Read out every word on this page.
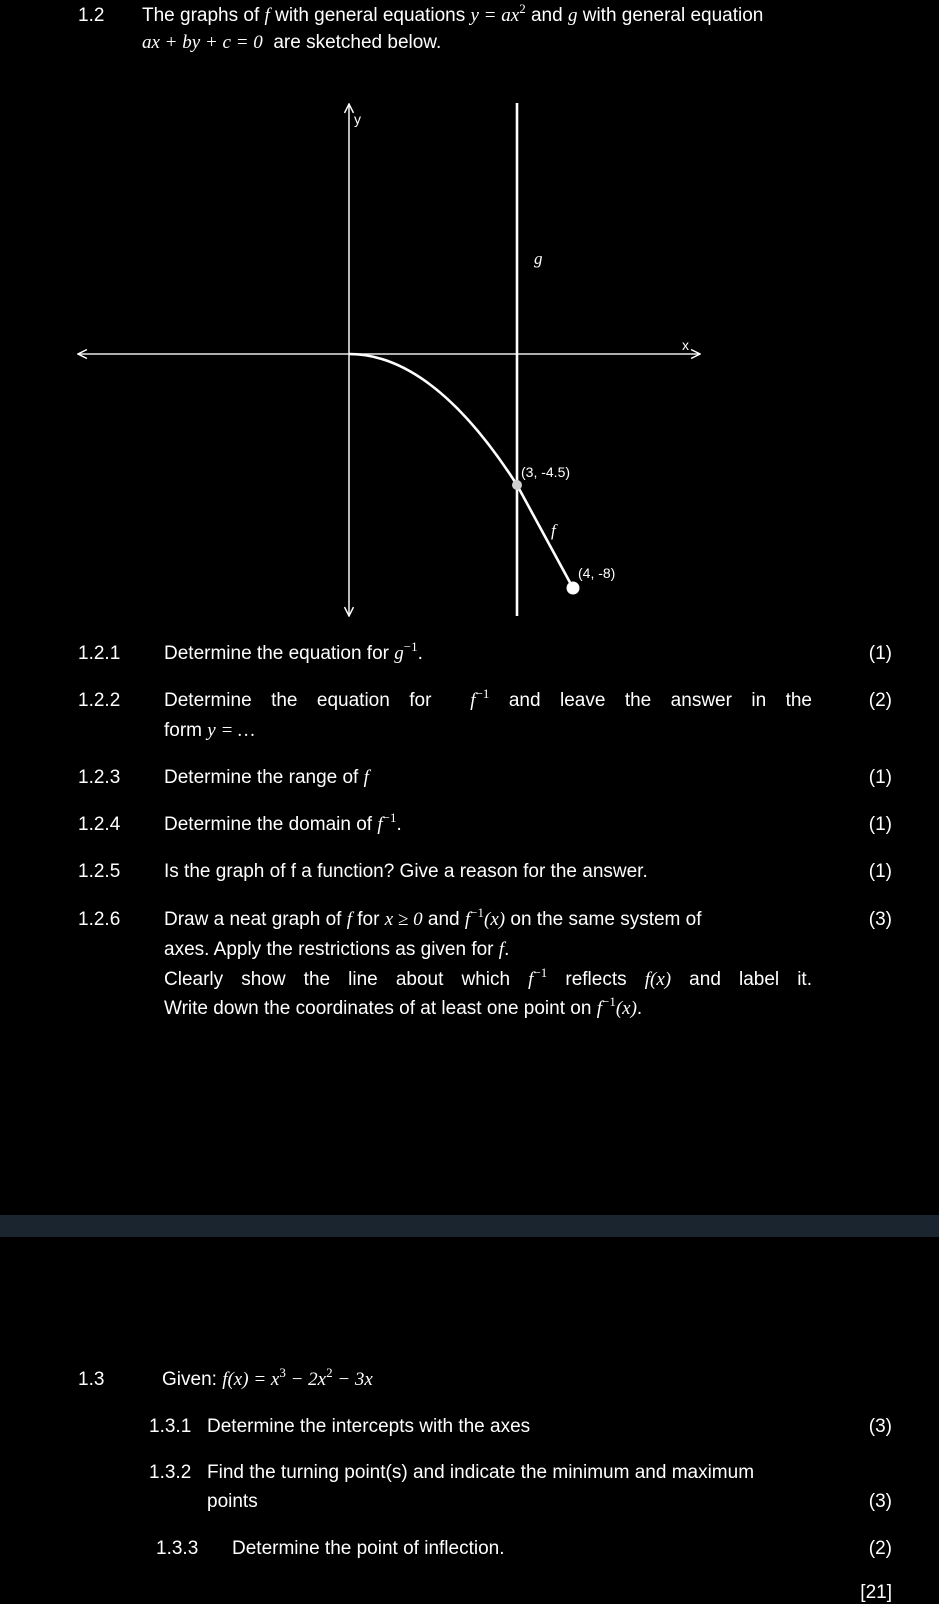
1.2 The graphs of f with general equations $y = ax^2$ and g with general equation
ax + by + c = 0  are sketched below.
y
x
g
f
(3, -4.5)
(4, -8)
1.2.1 Determine the equation for $g^{-1}$.	(1)
1.2.2 Determine the equation for  $f^{-1}$ and leave the answer in the
form y = …
(2)
1.2.3 Determine the range of f	(1)
1.2.4 Determine the domain of $f^{-1}$.	(1)
1.2.5 Is the graph of f a function? Give a reason for the answer.	(1)
1.2.6 Draw a neat graph of f for x ≥ 0 and $f^{-1}(x)$ on the same system of
axes. Apply the restrictions as given for f.
Clearly show the line about which $f^{-1}$ reflects f(x) and label it.
Write down the coordinates of at least one point on $f^{-1}(x)$.
(3)
1.3	Given: $f(x) = x^3 - 2x^2 - 3x$
1.3.1 Determine the intercepts with the axes	(3)
1.3.2 Find the turning point(s) and indicate the minimum and maximum
points	(3)
1.3.3 Determine the point of inflection.	(2)
[21]
